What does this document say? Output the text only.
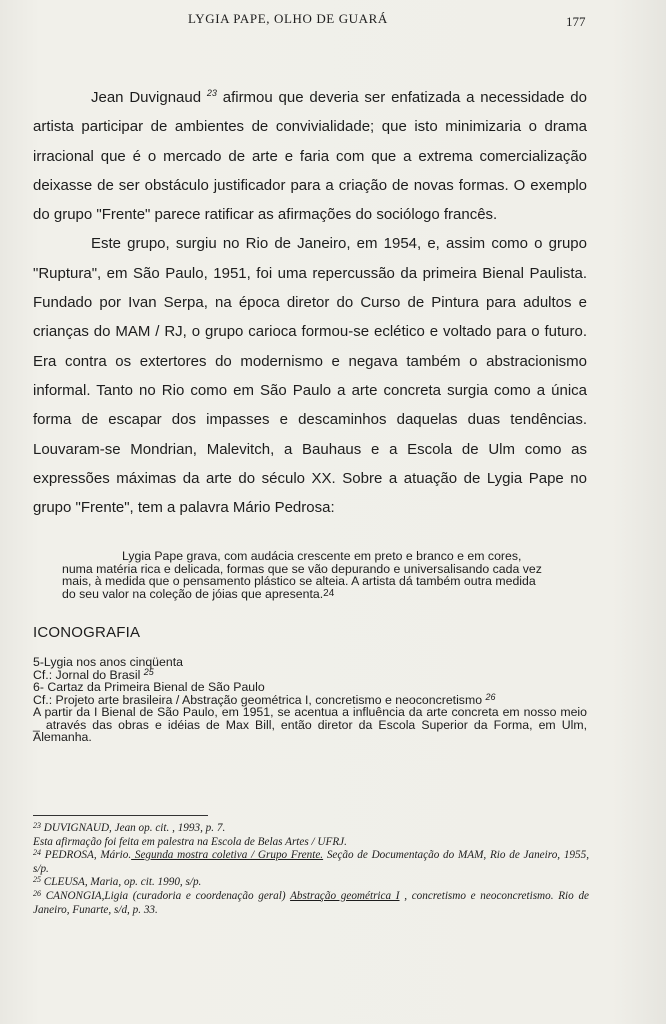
LYGIA PAPE, OLHO DE GUARÁ	177

Jean Duvignaud $^{23}$ afirmou que deveria ser enfatizada a necessidade do artista participar de ambientes de convivialidade; que isto minimizaria o drama irracional que é o mercado de arte e faria com que a extrema comercialização deixasse de ser obstáculo justificador para a criação de novas formas. O exemplo do grupo "Frente" parece ratificar as afirmações do sociólogo francês.

Este grupo, surgiu no Rio de Janeiro, em 1954, e, assim como o grupo "Ruptura", em São Paulo, 1951, foi uma repercussão da primeira Bienal Paulista. Fundado por Ivan Serpa, na época diretor do Curso de Pintura para adultos e crianças do MAM / RJ, o grupo carioca formou-se eclético e voltado para o futuro. Era contra os extertores do modernismo e negava também o abstracionismo informal. Tanto no Rio como em São Paulo a arte concreta surgia como a única forma de escapar dos impasses e descaminhos daquelas duas tendências. Louvaram-se Mondrian, Malevitch, a Bauhaus e a Escola de Ulm como as expressões máximas da arte do século XX. Sobre a atuação de Lygia Pape no grupo "Frente", tem a palavra Mário Pedrosa:

Lygia Pape grava, com audácia crescente em preto e branco e em cores, numa matéria rica e delicada, formas que se vão depurando e universalisando cada vez mais, à medida que o pensamento plástico se alteia. A artista dá também outra medida do seu valor na coleção de jóias que apresenta.$^{24}$

ICONOGRAFIA
5-Lygia nos anos cinqüenta
Cf.: Jornal do Brasil $^{25}$
6- Cartaz da Primeira Bienal de São Paulo
Cf.: Projeto arte brasileira / Abstração geométrica I, concretismo e neoconcretismo $^{26}$
A partir da I Bienal de São Paulo, em 1951, se acentua a influência da arte concreta em nosso meio _ através das obras e idéias de Max Bill, então diretor da Escola Superior da Forma, em Ulm, Alemanha.
$^{23}$ DUVIGNAUD, Jean op. cit. , 1993, p. 7.
Esta afirmação foi feita em palestra na Escola de Belas Artes / UFRJ.
$^{24}$ PEDROSA, Mário. Segunda mostra coletiva / Grupo Frente. Seção de Documentação do MAM, Rio de Janeiro, 1955, s/p.
$^{25}$ CLEUSA, Maria, op. cit. 1990, s/p.
$^{26}$ CANONGIA,Ligia (curadoria e coordenação geral) Abstração geométrica I , concretismo e neoconcretismo. Rio de Janeiro, Funarte, s/d, p. 33.
